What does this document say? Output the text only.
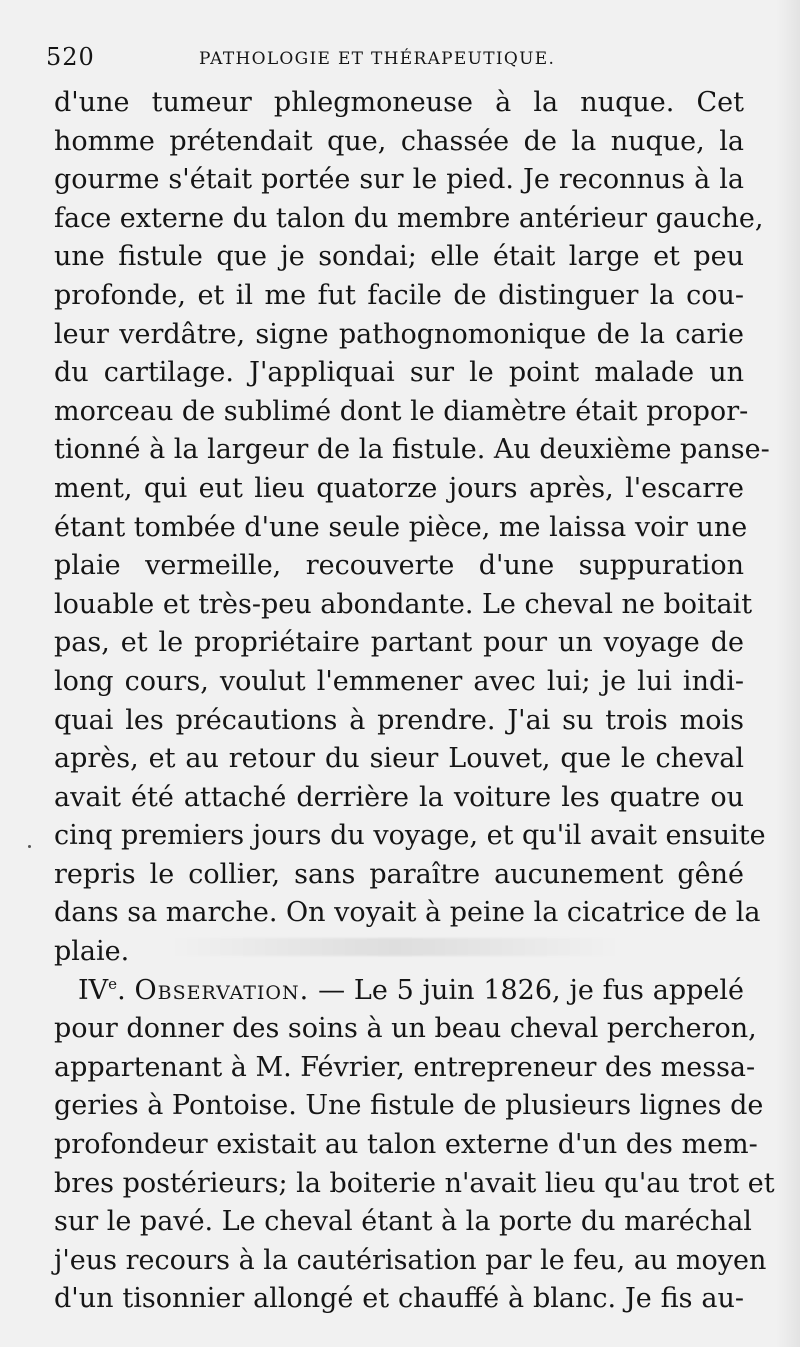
520	PATHOLOGIE ET THÉRAPEUTIQUE.
d'une tumeur phlegmoneuse à la nuque. Cet
homme prétendait que, chassée de la nuque, la
gourme s'était portée sur le pied. Je reconnus à la
face externe du talon du membre antérieur gauche,
une fistule que je sondai; elle était large et peu
profonde, et il me fut facile de distinguer la cou-
leur verdâtre, signe pathognomonique de la carie
du cartilage. J'appliquai sur le point malade un
morceau de sublimé dont le diamètre était propor-
tionné à la largeur de la fistule. Au deuxième panse-
ment, qui eut lieu quatorze jours après, l'escarre
étant tombée d'une seule pièce, me laissa voir une
plaie vermeille, recouverte d'une suppuration
louable et très-peu abondante. Le cheval ne boitait
pas, et le propriétaire partant pour un voyage de
long cours, voulut l'emmener avec lui; je lui indi-
quai les précautions à prendre. J'ai su trois mois
après, et au retour du sieur Louvet, que le cheval
avait été attaché derrière la voiture les quatre ou
cinq premiers jours du voyage, et qu'il avait ensuite
repris le collier, sans paraître aucunement gêné
dans sa marche. On voyait à peine la cicatrice de la
plaie.
IVe. Observation. — Le 5 juin 1826, je fus appelé
pour donner des soins à un beau cheval percheron,
appartenant à M. Février, entrepreneur des messa-
geries à Pontoise. Une fistule de plusieurs lignes de
profondeur existait au talon externe d'un des mem-
bres postérieurs; la boiterie n'avait lieu qu'au trot et
sur le pavé. Le cheval étant à la porte du maréchal
j'eus recours à la cautérisation par le feu, au moyen
d'un tisonnier allongé et chauffé à blanc. Je fis au-
